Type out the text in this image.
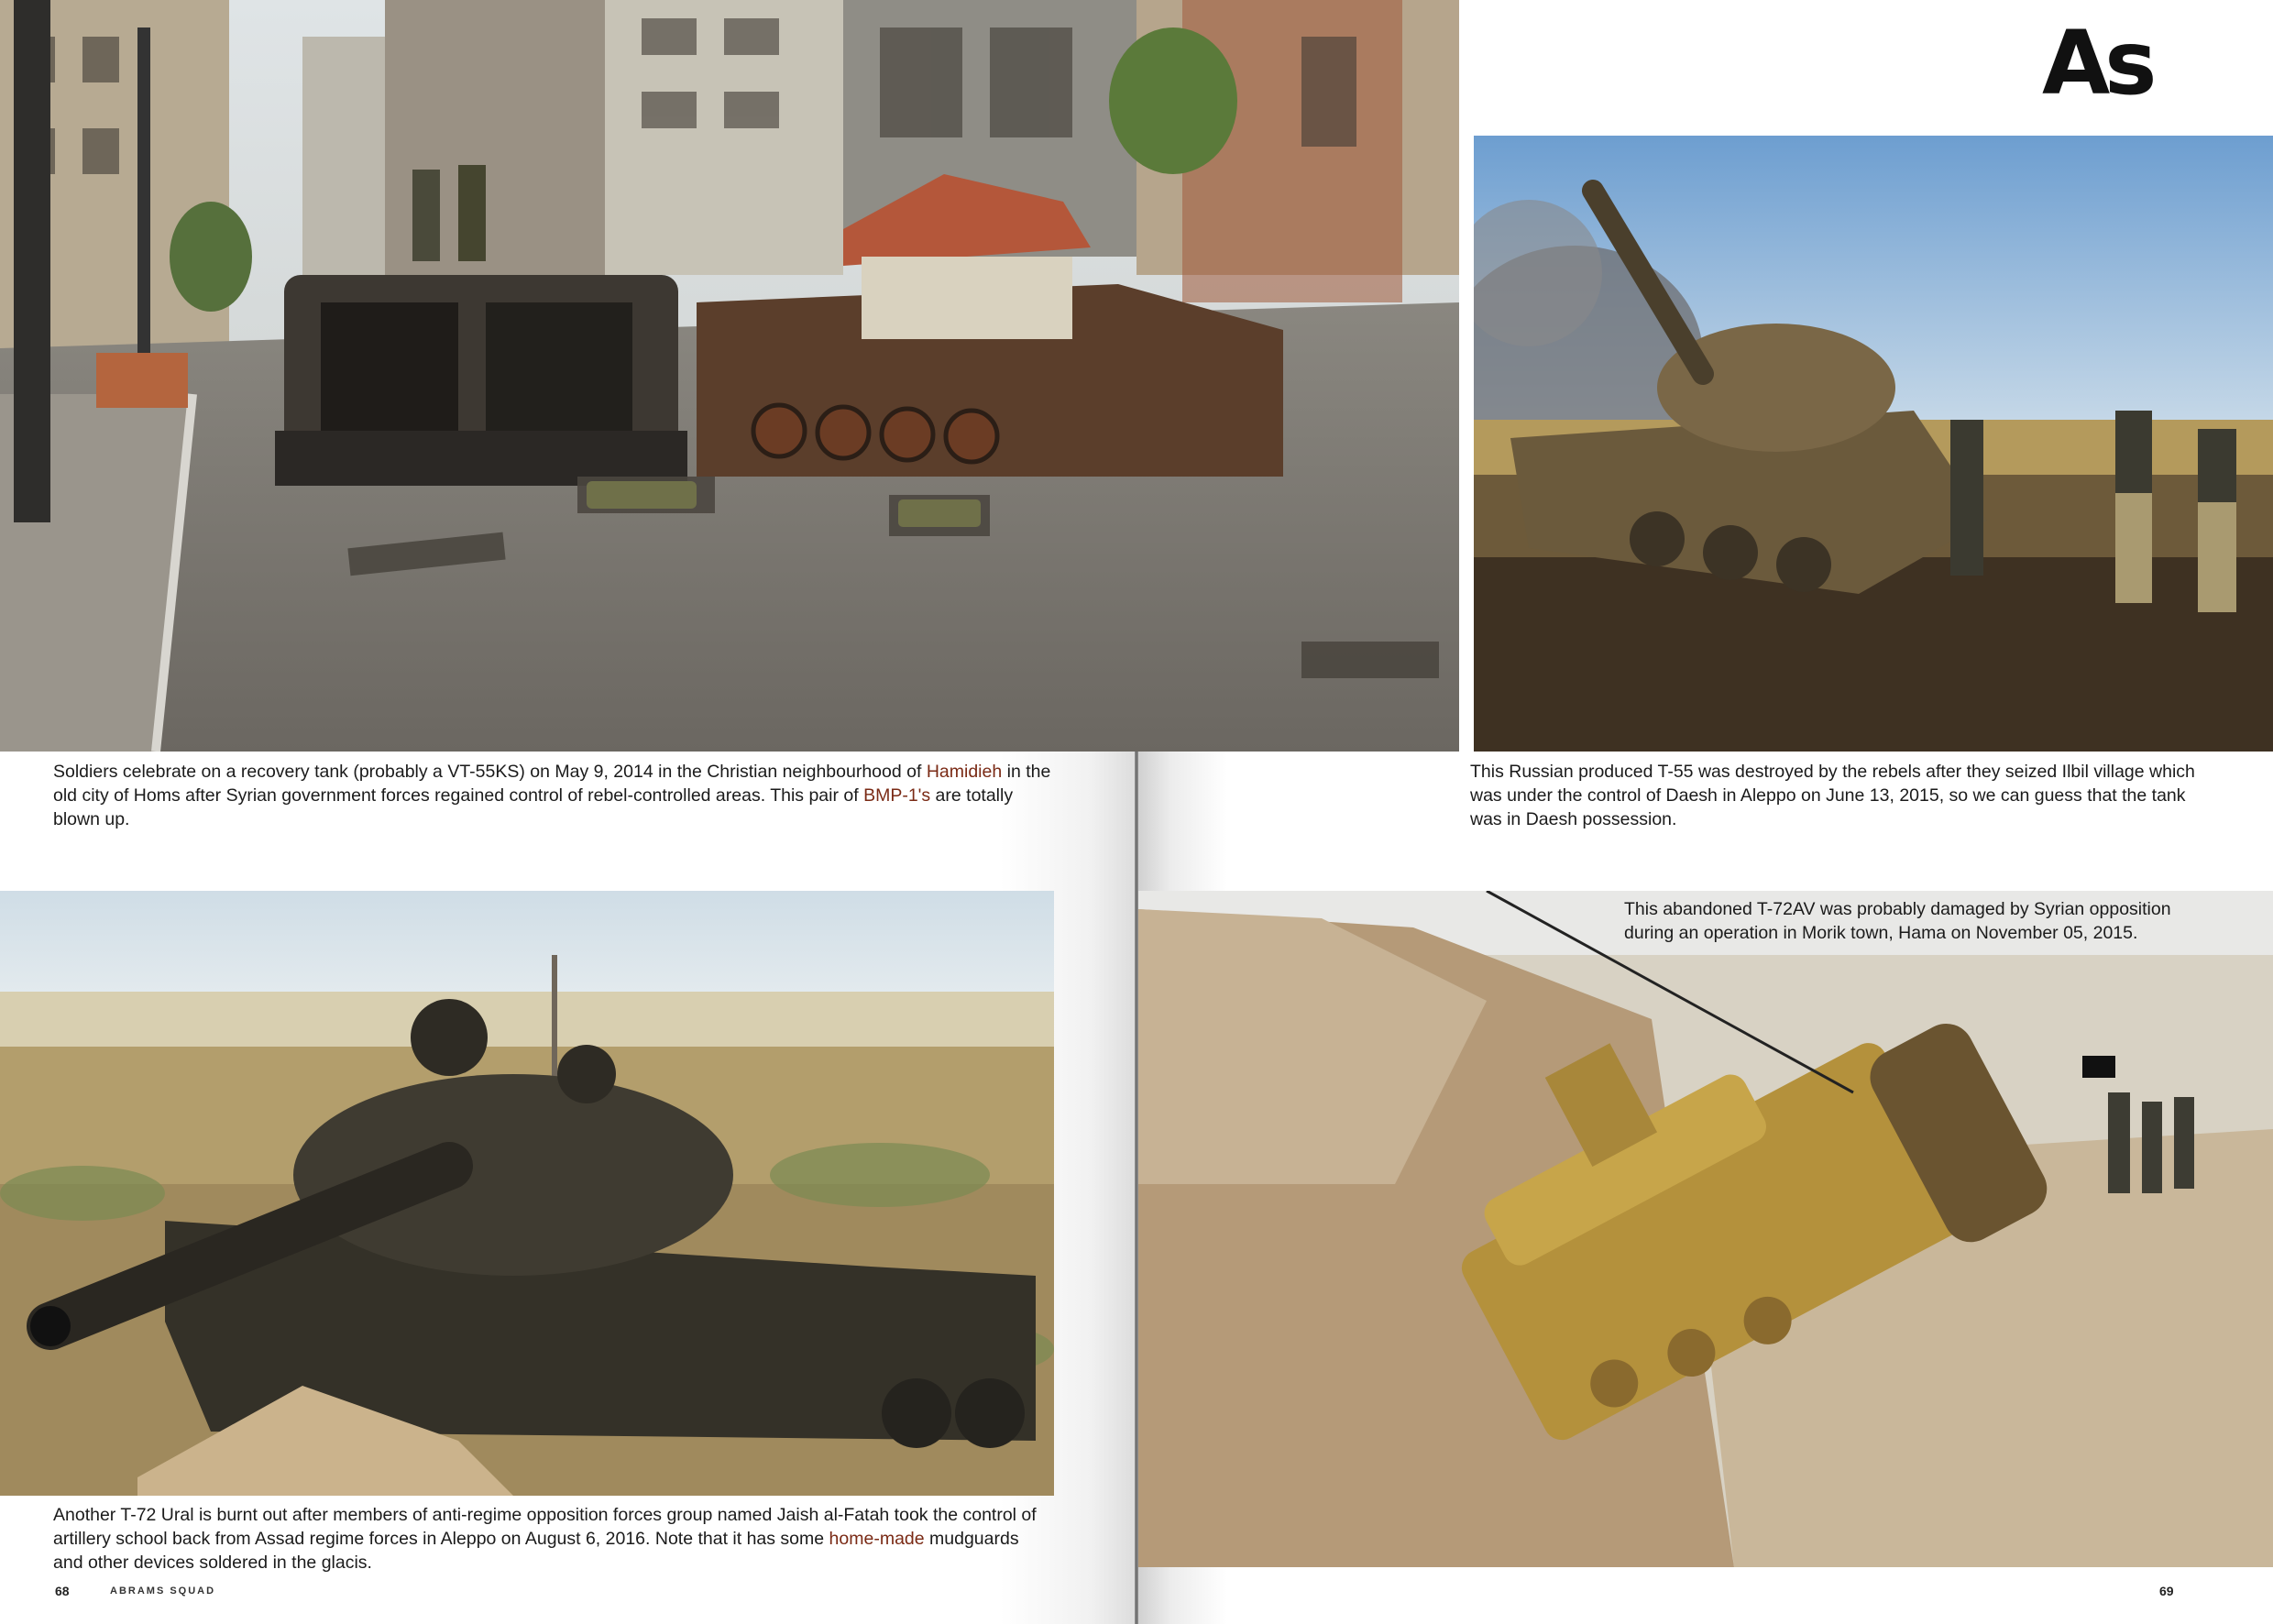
As
Soldiers celebrate on a recovery tank (probably a VT-55KS) on May 9, 2014 in the Christian neighbourhood of Hamidieh in the old city of Homs after Syrian government forces regained control of rebel-controlled areas. This pair of BMP-1's are totally blown up.
This Russian produced T-55 was destroyed by the rebels after they seized Ilbil village which was under the control of Daesh in Aleppo on June 13, 2015, so we can guess that the tank was in Daesh possession.
This abandoned T-72AV was probably damaged by Syrian opposition during an operation in Morik town, Hama on November 05, 2015.
Another T-72 Ural is burnt out after members of anti-regime opposition forces group named Jaish al-Fatah took the control of artillery school back from Assad regime forces in Aleppo on August 6, 2016. Note that it has some home-made mudguards and other devices soldered in the glacis.
68	ABRAMS SQUAD	69
